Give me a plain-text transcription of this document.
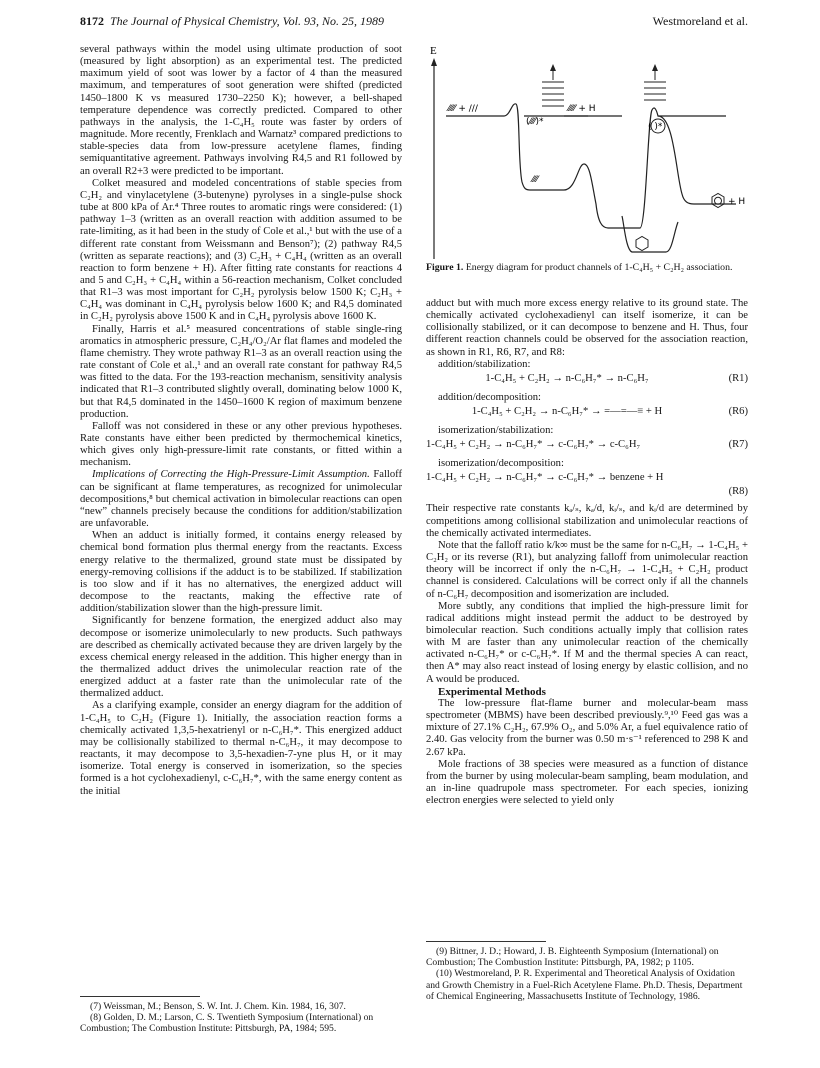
8172 The Journal of Physical Chemistry, Vol. 93, No. 25, 1989	Westmoreland et al.

several pathways within the model using ultimate production of soot (measured by light absorption) as an experimental test. The predicted maximum yield of soot was lower by a factor of 4 than the measured maximum, and temperatures of soot generation were shifted (predicted 1450–1800 K vs measured 1730–2250 K); however, a bell-shaped temperature dependence was correctly predicted. Compared to other pathways in the analysis, the 1-C₄H₅ route was faster by orders of magnitude. More recently, Frenklach and Warnatz³ compared predictions to stable-species data from low-pressure acetylene flames, finding semiquantitative agreement. Pathways involving R4,5 and R1 followed by an overall R2+3 were predicted to be important.

Colket measured and modeled concentrations of stable species from C₂H₂ and vinylacetylene (3-butenyne) pyrolyses in a single-pulse shock tube at 800 kPa of Ar.⁴ Three routes to aromatic rings were considered: (1) pathway 1–3 (written as an overall reaction with addition assumed to be rate-limiting, as it had been in the study of Cole et al.,¹ but with the use of a different rate constant from Weissmann and Benson⁷); (2) pathway R4,5 (written as separate reactions); and (3) C₂H₃ + C₄H₄ (written as an overall reaction to form benzene + H). After fitting rate constants for reactions 4 and 5 and C₂H₃ + C₄H₄ within a 56-reaction mechanism, Colket concluded that R1–3 was most important for C₂H₂ pyrolysis below 1500 K; C₂H₃ + C₄H₄ was dominant in C₄H₄ pyrolysis below 1600 K; and R4,5 dominated in C₂H₂ pyrolysis above 1500 K and in C₄H₄ pyrolysis above 1600 K.

Finally, Harris et al.⁵ measured concentrations of stable single-ring aromatics in atmospheric pressure, C₂H₄/O₂/Ar flat flames and modeled the flame chemistry. They wrote pathway R1–3 as an overall reaction using the rate constant of Cole et al.,¹ and an overall rate constant for pathway R4,5 was fitted to the data. For the 193-reaction mechanism, sensitivity analysis indicated that R1–3 contributed slightly overall, dominating below 1000 K, but that R4,5 dominated in the 1450–1600 K region of maximum benzene production.

Falloff was not considered in these or any other previous hypotheses. Rate constants have either been predicted by thermochemical kinetics, which gives only high-pressure-limit rate constants, or fitted within a mechanism.

Implications of Correcting the High-Pressure-Limit Assumption. Falloff can be significant at flame temperatures, as recognized for unimolecular decompositions,⁸ but chemical activation in bimolecular reactions can open “new” channels precisely because the conditions for addition/stabilization are unfavorable.

When an adduct is initially formed, it contains energy released by chemical bond formation plus thermal energy from the reactants. Excess energy relative to the thermalized, ground state must be dissipated by energy-removing collisions if the adduct is to be stabilized. If stabilization is too slow and if it has no alternatives, the energized adduct will decompose to the reactants, making the effective rate of addition/stabilization slower than the high-pressure limit.

Significantly for benzene formation, the energized adduct also may decompose or isomerize unimolecularly to new products. Such pathways are described as chemically activated because they are driven largely by the excess chemical energy released in the addition. This higher energy than in the thermalized adduct drives the unimolecular reaction rate of the energized adduct at a faster rate than the unimolecular rate of the thermalized adduct.

As a clarifying example, consider an energy diagram for the addition of 1-C₄H₅ to C₂H₂ (Figure 1). Initially, the association reaction forms a chemically activated 1,3,5-hexatrienyl or n-C₆H₇*. This energized adduct may be collisionally stabilized to thermal n-C₆H₇, it may decompose to reactants, it may decompose to 3,5-hexadien-7-yne plus H, or it may isomerize. Total energy is conserved in isomerization, so the species formed is a hot cyclohexadienyl, c-C₆H₇*, with the same energy content as the initial

E
⁄⁄⁄⁄⁄ + ///
⁄⁄⁄⁄
(⁄⁄⁄⁄)*
⁄⁄⁄⁄⁄ + H
( )*
+ H
Figure 1. Energy diagram for product channels of 1-C₄H₅ + C₂H₂ association.

adduct but with much more excess energy relative to its ground state. The chemically activated cyclohexadienyl can itself isomerize, it can be collisionally stabilized, or it can decompose to benzene and H. Thus, four different reaction channels could be observed for the association reaction, as shown in R1, R6, R7, and R8:

addition/stabilization:

1-C₄H₅ + C₂H₂ → n-C₆H₇* → n-C₆H₇	(R1)

addition/decomposition:

1-C₄H₅ + C₂H₂ → n-C₆H₇* → =—=—≡ + H	(R6)

isomerization/stabilization:

1-C₄H₅ + C₂H₂ → n-C₆H₇* → c-C₆H₇* → c-C₆H₇	(R7)

isomerization/decomposition:

1-C₄H₅ + C₂H₂ → n-C₆H₇* → c-C₆H₇* → benzene + H
(R8)

Their respective rate constants kₐ/ₛ, kₐ/d, kᵢ/ₛ, and kᵢ/d are determined by competitions among collisional stabilization and unimolecular reactions of the chemically activated intermediates.

Note that the falloff ratio k/k∞ must be the same for n-C₆H₇ → 1-C₄H₅ + C₂H₂ or its reverse (R1), but analyzing falloff from unimolecular reaction theory will be incorrect if only the n-C₆H₇ → 1-C₄H₅ + C₂H₂ product channel is considered. Calculations will be correct only if all the channels of n-C₆H₇ decomposition and isomerization are included.

More subtly, any conditions that implied the high-pressure limit for radical additions might instead permit the adduct to be destroyed by bimolecular reaction. Such conditions actually imply that collision rates with M are faster than any unimolecular reaction of the chemically activated n-C₆H₇* or c-C₆H₇*. If M and the thermal species A can react, then A* may also react instead of losing energy by elastic collision, and no A would be produced.

Experimental Methods

The low-pressure flat-flame burner and molecular-beam mass spectrometer (MBMS) have been described previously.⁹,¹⁰ Feed gas was a mixture of 27.1% C₂H₂, 67.9% O₂, and 5.0% Ar, a fuel equivalence ratio of 2.40. Gas velocity from the burner was 0.50 m·s⁻¹ referenced to 298 K and 2.67 kPa.

Mole fractions of 38 species were measured as a function of distance from the burner by using molecular-beam sampling, beam modulation, and an in-line quadrupole mass spectrometer. For each species, ionizing electron energies were selected to yield only

(7) Weissman, M.; Benson, S. W. Int. J. Chem. Kin. 1984, 16, 307.

(8) Golden, D. M.; Larson, C. S. Twentieth Symposium (International) on Combustion; The Combustion Institute: Pittsburgh, PA, 1984; 595.

(9) Bittner, J. D.; Howard, J. B. Eighteenth Symposium (International) on Combustion; The Combustion Institute: Pittsburgh, PA, 1982; p 1105.

(10) Westmoreland, P. R. Experimental and Theoretical Analysis of Oxidation and Growth Chemistry in a Fuel-Rich Acetylene Flame. Ph.D. Thesis, Department of Chemical Engineering, Massachusetts Institute of Technology, 1986.
